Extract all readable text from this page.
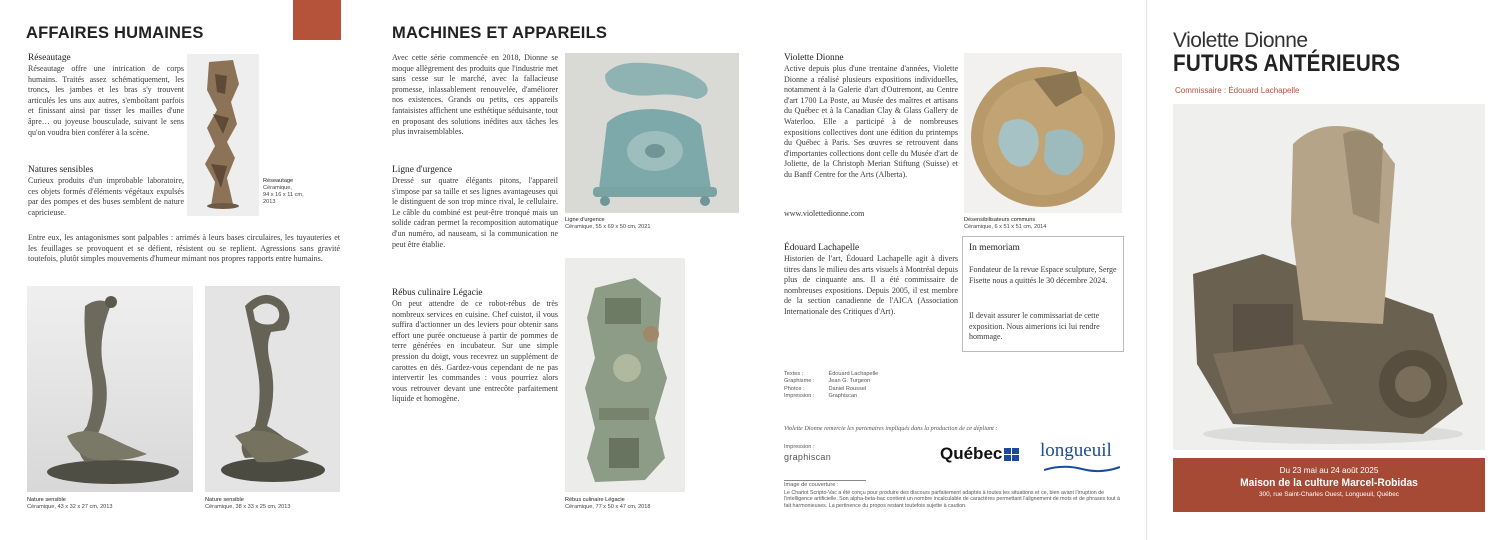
AFFAIRES HUMAINES
Réseautage
Réseautage offre une intrication de corps humains. Traités assez schématiquement, les troncs, les jambes et les bras s'y trouvent articulés les uns aux autres, s'emboîtant parfois et finissant ainsi par tisser les mailles d'une âpre… ou joyeuse bousculade, suivant le sens qu'on voudra bien conférer à la scène.
Réseautage
Céramique,
94 x 16 x 11 cm,
2013
Natures sensibles
Curieux produits d'un improbable laboratoire, ces objets formés d'éléments végétaux expulsés par des pompes et des buses semblent de nature capricieuse.
Entre eux, les antagonismes sont palpables : arrimés à leurs bases circulaires, les tuyauteries et les feuillages se provoquent et se défient, résistent ou se replient. Agressions sans gravité toutefois, plutôt simples mouvements d'humeur mimant nos propres rapports entre humains.
Nature sensible
Céramique, 43 x 32 x 27 cm, 2013
Nature sensible
Céramique, 38 x 33 x 25 cm, 2013
MACHINES ET APPAREILS
Avec cette série commencée en 2018, Dionne se moque allègrement des produits que l'industrie met sans cesse sur le marché, avec la fallacieuse promesse, inlassablement renouvelée, d'améliorer nos existences. Grands ou petits, ces appareils fantaisistes affichent une esthétique séduisante, tout en proposant des solutions inédites aux tâches les plus invraisemblables.
Ligne d'urgence
Céramique, 55 x 69 x 50 cm, 2021
Ligne d'urgence
Dressé sur quatre élégants pitons, l'appareil s'impose par sa taille et ses lignes avantageuses qui le distinguent de son trop mince rival, le cellulaire. Le câble du combiné est peut-être tronqué mais un solide cadran permet la recomposition automatique d'un numéro, ad nauseam, si la communication ne peut être établie.
Rébus culinaire Légacie
On peut attendre de ce robot-rébus de très nombreux services en cuisine. Chef cuistot, il vous suffira d'actionner un des leviers pour obtenir sans effort une purée onctueuse à partir de pommes de terre générées en incubateur. Sur une simple pression du doigt, vous recevrez un supplément de carottes en dés. Gardez-vous cependant de ne pas intervertir les commandes : vous pourriez alors vous retrouver devant une entrecôte parfaitement liquide et homogène.
Rébus culinaire Légacie
Céramique, 77 x 50 x 47 cm, 2018
Violette Dionne
Active depuis plus d'une trentaine d'années, Violette Dionne a réalisé plusieurs expositions individuelles, notamment à la Galerie d'art d'Outremont, au Centre d'art 1700 La Poste, au Musée des maîtres et artisans du Québec et à la Canadian Clay & Glass Gallery de Waterloo. Elle a participé à de nombreuses expositions collectives dont une édition du printemps du Québec à Paris. Ses œuvres se retrouvent dans d'importantes collections dont celle du Musée d'art de Joliette, de la Christoph Merian Stiftung (Suisse) et du Banff Centre for the Arts (Alberta).
www.violettedionne.com
Désensibilisateurs communs
Céramique, 6 x 51 x 51 cm, 2014
Édouard Lachapelle
Historien de l'art, Édouard Lachapelle agit à divers titres dans le milieu des arts visuels à Montréal depuis plus de cinquante ans. Il a été commissaire de nombreuses expositions. Depuis 2005, il est membre de la section canadienne de l'AICA (Association Internationale des Critiques d'Art).
In memoriam
Fondateur de la revue Espace sculpture, Serge Fisette nous a quittés le 30 décembre 2024.
Il devait assurer le commissariat de cette exposition. Nous aimerions ici lui rendre hommage.
Textes :	Édouard Lachapelle
Graphisme :	Jean G. Turgeon
Photos :	Daniel Roussel
Impression :	Graphiscan
Violette Dionne remercie les partenaires impliqués dans la production de ce dépliant :
Impression :
graphiscan	Québec longueuil
Image de couverture :
Le Chariot Scripto-Vac a été conçu pour produire des discours parfaitement adaptés à toutes les situations et ce, bien avant l'irruption de l'intelligence artificielle. Son alpha-beta-bac contient un nombre incalculable de caractères permettant l'alignement de mots et de phrases tout à fait harmonieuses. La pertinence du propos restant toutefois sujette à caution.
Violette Dionne
FUTURS ANTÉRIEURS
Commissaire : Édouard Lachapelle
Du 23 mai au 24 août 2025
Maison de la culture Marcel-Robidas
300, rue Saint-Charles Ouest, Longueuil, Québec
